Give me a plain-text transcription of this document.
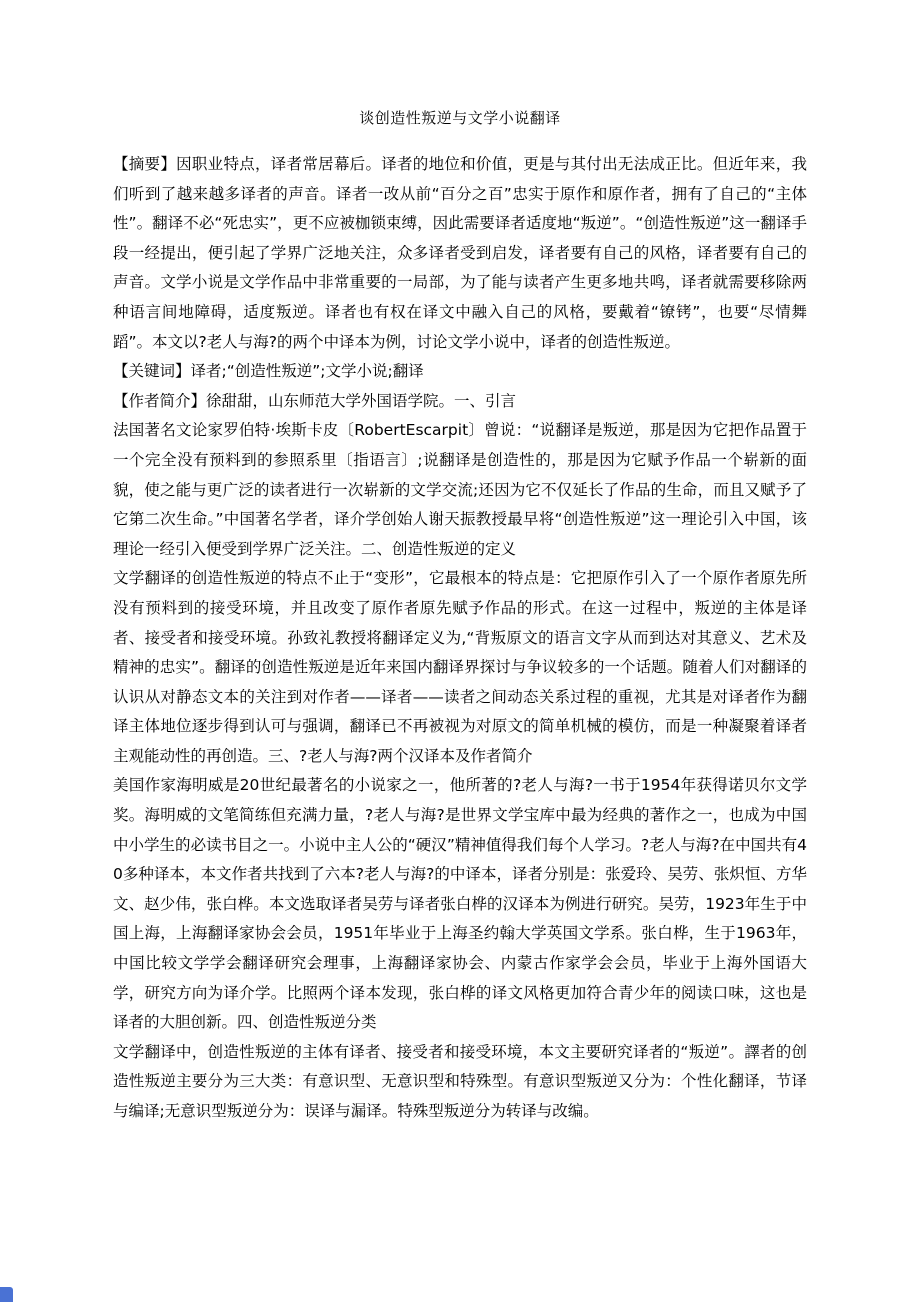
谈创造性叛逆与文学小说翻译

【摘要】因职业特点，译者常居幕后。译者的地位和价值，更是与其付出无法成正比。但近年来，我们听到了越来越多译者的声音。译者一改从前“百分之百”忠实于原作和原作者，拥有了自己的“主体性”。翻译不必“死忠实”，更不应被枷锁束缚，因此需要译者适度地“叛逆”。“创造性叛逆”这一翻译手段一经提出，便引起了学界广泛地关注，众多译者受到启发，译者要有自己的风格，译者要有自己的声音。文学小说是文学作品中非常重要的一局部，为了能与读者产生更多地共鸣，译者就需要移除两种语言间地障碍，适度叛逆。译者也有权在译文中融入自己的风格，要戴着“镣铐”，也要“尽情舞蹈”。本文以?老人与海?的两个中译本为例，讨论文学小说中，译者的创造性叛逆。

【关键词】译者;“创造性叛逆”;文学小说;翻译

【作者简介】徐甜甜，山东师范大学外国语学院。一、引言

法国著名文论家罗伯特·埃斯卡皮〔RobertEscarpit〕曾说：“说翻译是叛逆，那是因为它把作品置于一个完全没有预料到的参照系里〔指语言〕;说翻译是创造性的，那是因为它赋予作品一个崭新的面貌，使之能与更广泛的读者进行一次崭新的文学交流;还因为它不仅延长了作品的生命，而且又赋予了它第二次生命。”中国著名学者，译介学创始人谢天振教授最早将“创造性叛逆”这一理论引入中国，该理论一经引入便受到学界广泛关注。二、创造性叛逆的定义

文学翻译的创造性叛逆的特点不止于“变形”，它最根本的特点是：它把原作引入了一个原作者原先所没有预料到的接受环境，并且改变了原作者原先赋予作品的形式。在这一过程中，叛逆的主体是译者、接受者和接受环境。孙致礼教授将翻译定义为,“背叛原文的语言文字从而到达对其意义、艺术及精神的忠实”。翻译的创造性叛逆是近年来国内翻译界探讨与争议较多的一个话题。随着人们对翻译的认识从对静态文本的关注到对作者——译者——读者之间动态关系过程的重视，尤其是对译者作为翻译主体地位逐步得到认可与强调，翻译已不再被视为对原文的简单机械的模仿，而是一种凝聚着译者主观能动性的再创造。三、?老人与海?两个汉译本及作者简介

美国作家海明威是20世纪最著名的小说家之一，他所著的?老人与海?一书于1954年获得诺贝尔文学奖。海明威的文笔简练但充满力量，?老人与海?是世界文学宝库中最为经典的著作之一，也成为中国中小学生的必读书目之一。小说中主人公的“硬汉”精神值得我们每个人学习。?老人与海?在中国共有40多种译本，本文作者共找到了六本?老人与海?的中译本，译者分别是：张爱玲、吴劳、张炽恒、方华文、赵少伟，张白桦。本文选取译者吴劳与译者张白桦的汉译本为例进行研究。吴劳，1923年生于中国上海，上海翻译家协会会员，1951年毕业于上海圣约翰大学英国文学系。张白桦，生于1963年，中国比较文学学会翻译研究会理事，上海翻译家协会、内蒙古作家学会会员，毕业于上海外国语大学，研究方向为译介学。比照两个译本发现，张白桦的译文风格更加符合青少年的阅读口味，这也是译者的大胆创新。四、创造性叛逆分类

文学翻译中，创造性叛逆的主体有译者、接受者和接受环境，本文主要研究译者的“叛逆”。譯者的创造性叛逆主要分为三大类：有意识型、无意识型和特殊型。有意识型叛逆又分为：个性化翻译，节译与编译;无意识型叛逆分为：误译与漏译。特殊型叛逆分为转译与改编。
